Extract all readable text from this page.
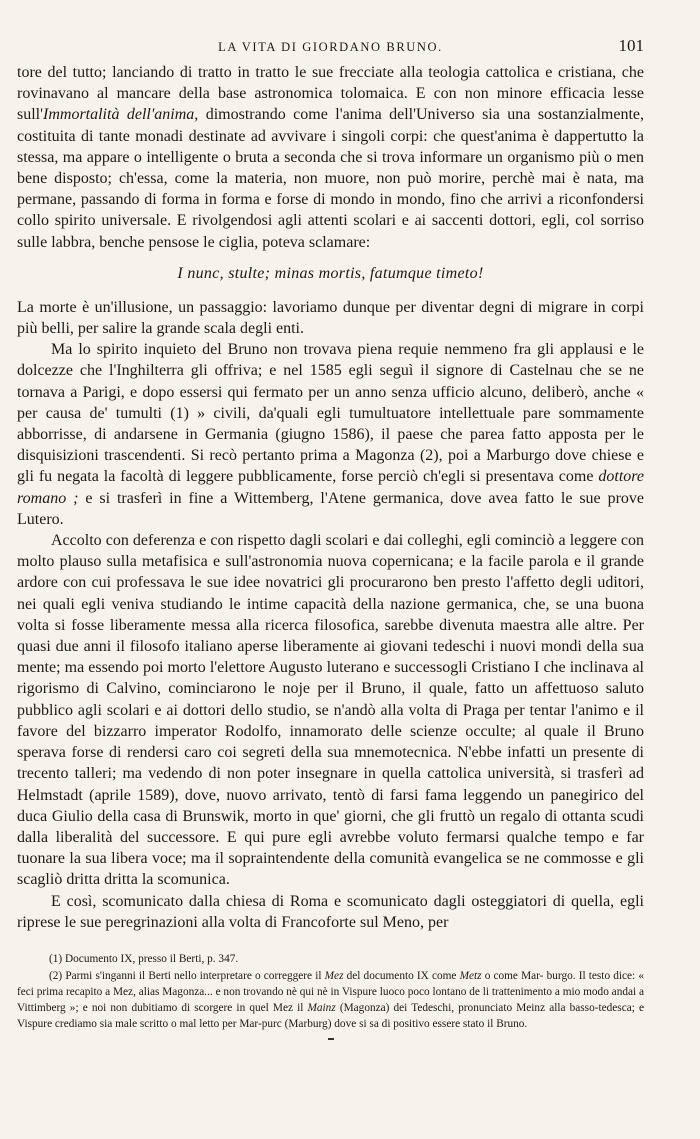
LA VITA DI GIORDANO BRUNO.	101

tore del tutto; lanciando di tratto in tratto le sue frecciate alla teologia cattolica e cristiana, che rovinavano al mancare della base astronomica tolomaica. E con non minore efficacia lesse sull'Immortalità dell'anima, dimostrando come l'anima dell'Universo sia una sostanzialmente, costituita di tante monadi destinate ad avvivare i singoli corpi: che quest'anima è dappertutto la stessa, ma appare o intelligente o bruta a seconda che si trova informare un organismo più o men bene disposto; ch'essa, come la materia, non muore, non può morire, perchè mai è nata, ma permane, passando di forma in forma e forse di mondo in mondo, fino che arrivi a riconfondersi collo spirito universale. E rivolgendosi agli attenti scolari e ai saccenti dottori, egli, col sorriso sulle labbra, benche pensose le ciglia, poteva sclamare:

I nunc, stulte; minas mortis, fatumque timeto!

La morte è un'illusione, un passaggio: lavoriamo dunque per diventar degni di migrare in corpi più belli, per salire la grande scala degli enti.

Ma lo spirito inquieto del Bruno non trovava piena requie nemmeno fra gli applausi e le dolcezze che l'Inghilterra gli offriva; e nel 1585 egli seguì il signore di Castelnau che se ne tornava a Parigi, e dopo essersi qui fermato per un anno senza ufficio alcuno, deliberò, anche « per causa de' tumulti (1) » civili, da'quali egli tumultuatore intellettuale pare sommamente abborrisse, di andarsene in Germania (giugno 1586), il paese che parea fatto apposta per le disquisizioni trascendenti. Si recò pertanto prima a Magonza (2), poi a Marburgo dove chiese e gli fu negata la facoltà di leggere pubblicamente, forse perciò ch'egli si presentava come dottore romano ; e si trasferì in fine a Wittemberg, l'Atene germanica, dove avea fatto le sue prove Lutero.

Accolto con deferenza e con rispetto dagli scolari e dai colleghi, egli cominciò a leggere con molto plauso sulla metafisica e sull'astronomia nuova copernicana; e la facile parola e il grande ardore con cui professava le sue idee novatrici gli procurarono ben presto l'affetto degli uditori, nei quali egli veniva studiando le intime capacità della nazione germanica, che, se una buona volta si fosse liberamente messa alla ricerca filosofica, sarebbe divenuta maestra alle altre. Per quasi due anni il filosofo italiano aperse liberamente ai giovani tedeschi i nuovi mondi della sua mente; ma essendo poi morto l'elettore Augusto luterano e successogli Cristiano I che inclinava al rigorismo di Calvino, cominciarono le noje per il Bruno, il quale, fatto un affettuoso saluto pubblico agli scolari e ai dottori dello studio, se n'andò alla volta di Praga per tentar l'animo e il favore del bizzarro imperator Rodolfo, innamorato delle scienze occulte; al quale il Bruno sperava forse di rendersi caro coi segreti della sua mnemotecnica. N'ebbe infatti un presente di trecento talleri; ma vedendo di non poter insegnare in quella cattolica università, si trasferì ad Helmstadt (aprile 1589), dove, nuovo arrivato, tentò di farsi fama leggendo un panegirico del duca Giulio della casa di Brunswik, morto in que' giorni, che gli fruttò un regalo di ottanta scudi dalla liberalità del successore. E qui pure egli avrebbe voluto fermarsi qualche tempo e far tuonare la sua libera voce; ma il sopraintendente della comunità evangelica se ne commosse e gli scagliò dritta dritta la scomunica.

E così, scomunicato dalla chiesa di Roma e scomunicato dagli osteggiatori di quella, egli riprese le sue peregrinazioni alla volta di Francoforte sul Meno, per

(1) Documento IX, presso il Berti, p. 347.

(2) Parmi s'inganni il Berti nello interpretare o correggere il Mez del documento IX come Metz o come Mar- burgo. Il testo dice: « feci prima recapito a Mez, alias Magonza... e non trovando nè qui nè in Vispure luoco poco lontano de li trattenimento a mio modo andai a Vittimberg »; e noi non dubitiamo di scorgere in quel Mez il Mainz (Magonza) dei Tedeschi, pronunciato Meinz alla basso-tedesca; e Vispure crediamo sia male scritto o mal letto per Mar-purc (Marburg) dove si sa di positivo essere stato il Bruno.
